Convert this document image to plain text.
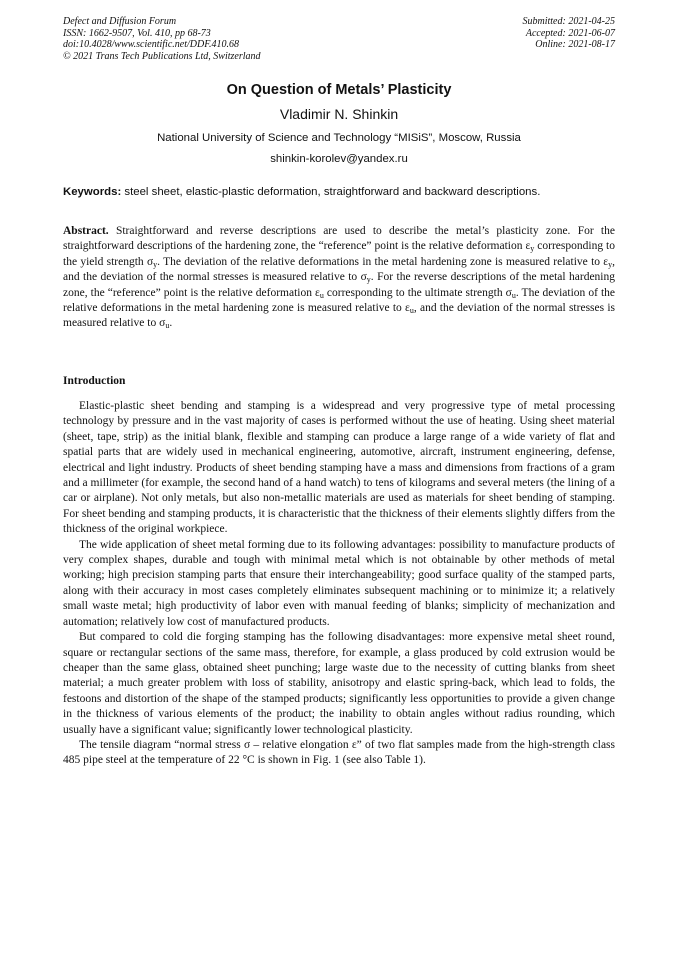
Defect and Diffusion Forum
ISSN: 1662-9507, Vol. 410, pp 68-73
doi:10.4028/www.scientific.net/DDF.410.68
© 2021 Trans Tech Publications Ltd, Switzerland
Submitted: 2021-04-25
Accepted: 2021-06-07
Online: 2021-08-17
On Question of Metals’ Plasticity
Vladimir N. Shinkin
National University of Science and Technology “MISiS”, Moscow, Russia
shinkin-korolev@yandex.ru
Keywords: steel sheet, elastic-plastic deformation, straightforward and backward descriptions.
Abstract. Straightforward and reverse descriptions are used to describe the metal’s plasticity zone. For the straightforward descriptions of the hardening zone, the “reference” point is the relative deformation $\varepsilon_y$ corresponding to the yield strength $\sigma_y$. The deviation of the relative deformations in the metal hardening zone is measured relative to $\varepsilon_y$, and the deviation of the normal stresses is measured relative to $\sigma_y$. For the reverse descriptions of the metal hardening zone, the “reference” point is the relative deformation $\varepsilon_u$ corresponding to the ultimate strength $\sigma_u$. The deviation of the relative deformations in the metal hardening zone is measured relative to $\varepsilon_u$, and the deviation of the normal stresses is measured relative to $\sigma_u$.
Introduction

Elastic-plastic sheet bending and stamping is a widespread and very progressive type of metal processing technology by pressure and in the vast majority of cases is performed without the use of heating. Using sheet material (sheet, tape, strip) as the initial blank, flexible and stamping can produce a large range of a wide variety of flat and spatial parts that are widely used in mechanical engineering, automotive, aircraft, instrument engineering, defense, electrical and light industry. Products of sheet bending stamping have a mass and dimensions from fractions of a gram and a millimeter (for example, the second hand of a hand watch) to tens of kilograms and several meters (the lining of a car or airplane). Not only metals, but also non-metallic materials are used as materials for sheet bending of stamping. For sheet bending and stamping products, it is characteristic that the thickness of their elements slightly differs from the thickness of the original workpiece.

The wide application of sheet metal forming due to its following advantages: possibility to manufacture products of very complex shapes, durable and tough with minimal metal which is not obtainable by other methods of metal working; high precision stamping parts that ensure their interchangeability; good surface quality of the stamped parts, along with their accuracy in most cases completely eliminates subsequent machining or to minimize it; a relatively small waste metal; high productivity of labor even with manual feeding of blanks; simplicity of mechanization and automation; relatively low cost of manufactured products.

But compared to cold die forging stamping has the following disadvantages: more expensive metal sheet round, square or rectangular sections of the same mass, therefore, for example, a glass produced by cold extrusion would be cheaper than the same glass, obtained sheet punching; large waste due to the necessity of cutting blanks from sheet material; a much greater problem with loss of stability, anisotropy and elastic spring-back, which lead to folds, the festoons and distortion of the shape of the stamped products; significantly less opportunities to provide a given change in the thickness of various elements of the product; the inability to obtain angles without radius rounding, which usually have a significant value; significantly lower technological plasticity.

The tensile diagram “normal stress σ – relative elongation ε” of two flat samples made from the high-strength class 485 pipe steel at the temperature of 22 °C is shown in Fig. 1 (see also Table 1).
